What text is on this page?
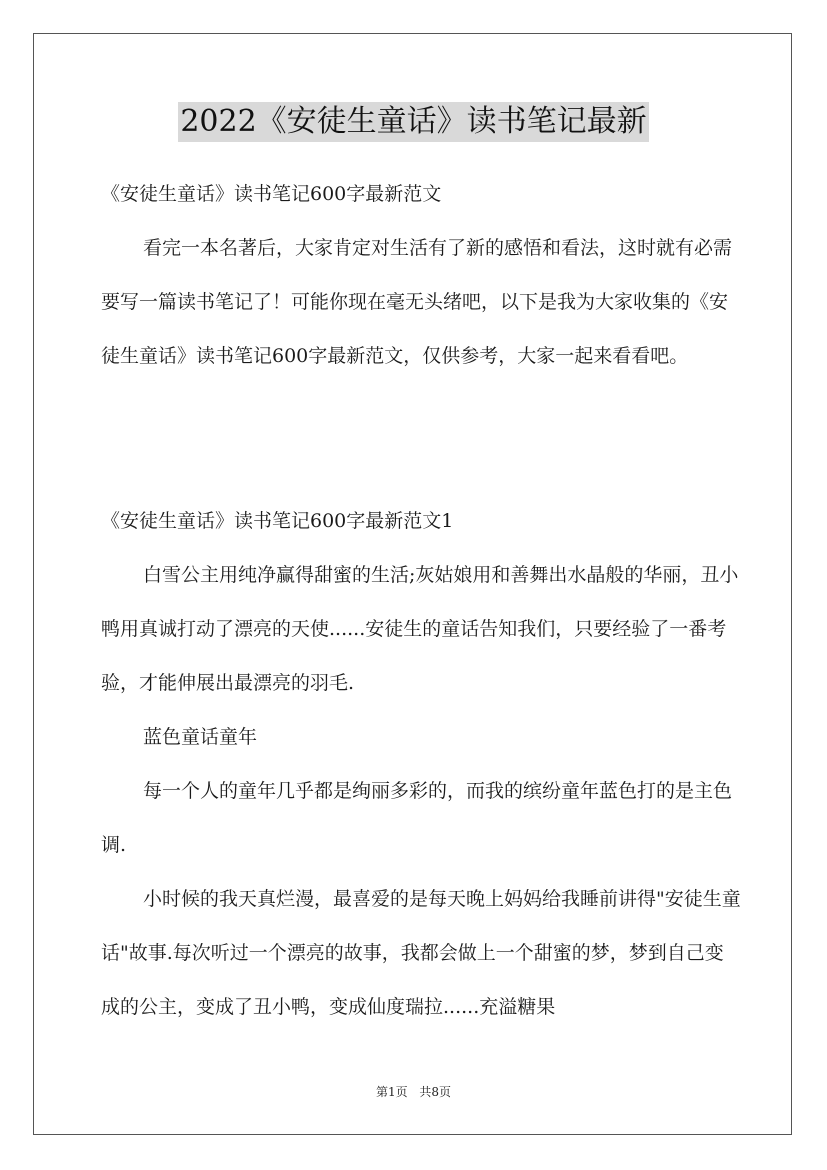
2022《安徒生童话》读书笔记最新

《安徒生童话》读书笔记600字最新范文

看完一本名著后，大家肯定对生活有了新的感悟和看法，这时就有必需要写一篇读书笔记了！可能你现在毫无头绪吧，以下是我为大家收集的《安徒生童话》读书笔记600字最新范文，仅供参考，大家一起来看看吧。

《安徒生童话》读书笔记600字最新范文1

白雪公主用纯净赢得甜蜜的生活;灰姑娘用和善舞出水晶般的华丽，丑小鸭用真诚打动了漂亮的天使......安徒生的童话告知我们，只要经验了一番考验，才能伸展出最漂亮的羽毛.

蓝色童话童年

每一个人的童年几乎都是绚丽多彩的，而我的缤纷童年蓝色打的是主色调.

小时候的我天真烂漫，最喜爱的是每天晚上妈妈给我睡前讲得"安徒生童话"故事.每次听过一个漂亮的故事，我都会做上一个甜蜜的梦，梦到自己变成的公主，变成了丑小鸭，变成仙度瑞拉......充溢糖果

第1页 共8页
